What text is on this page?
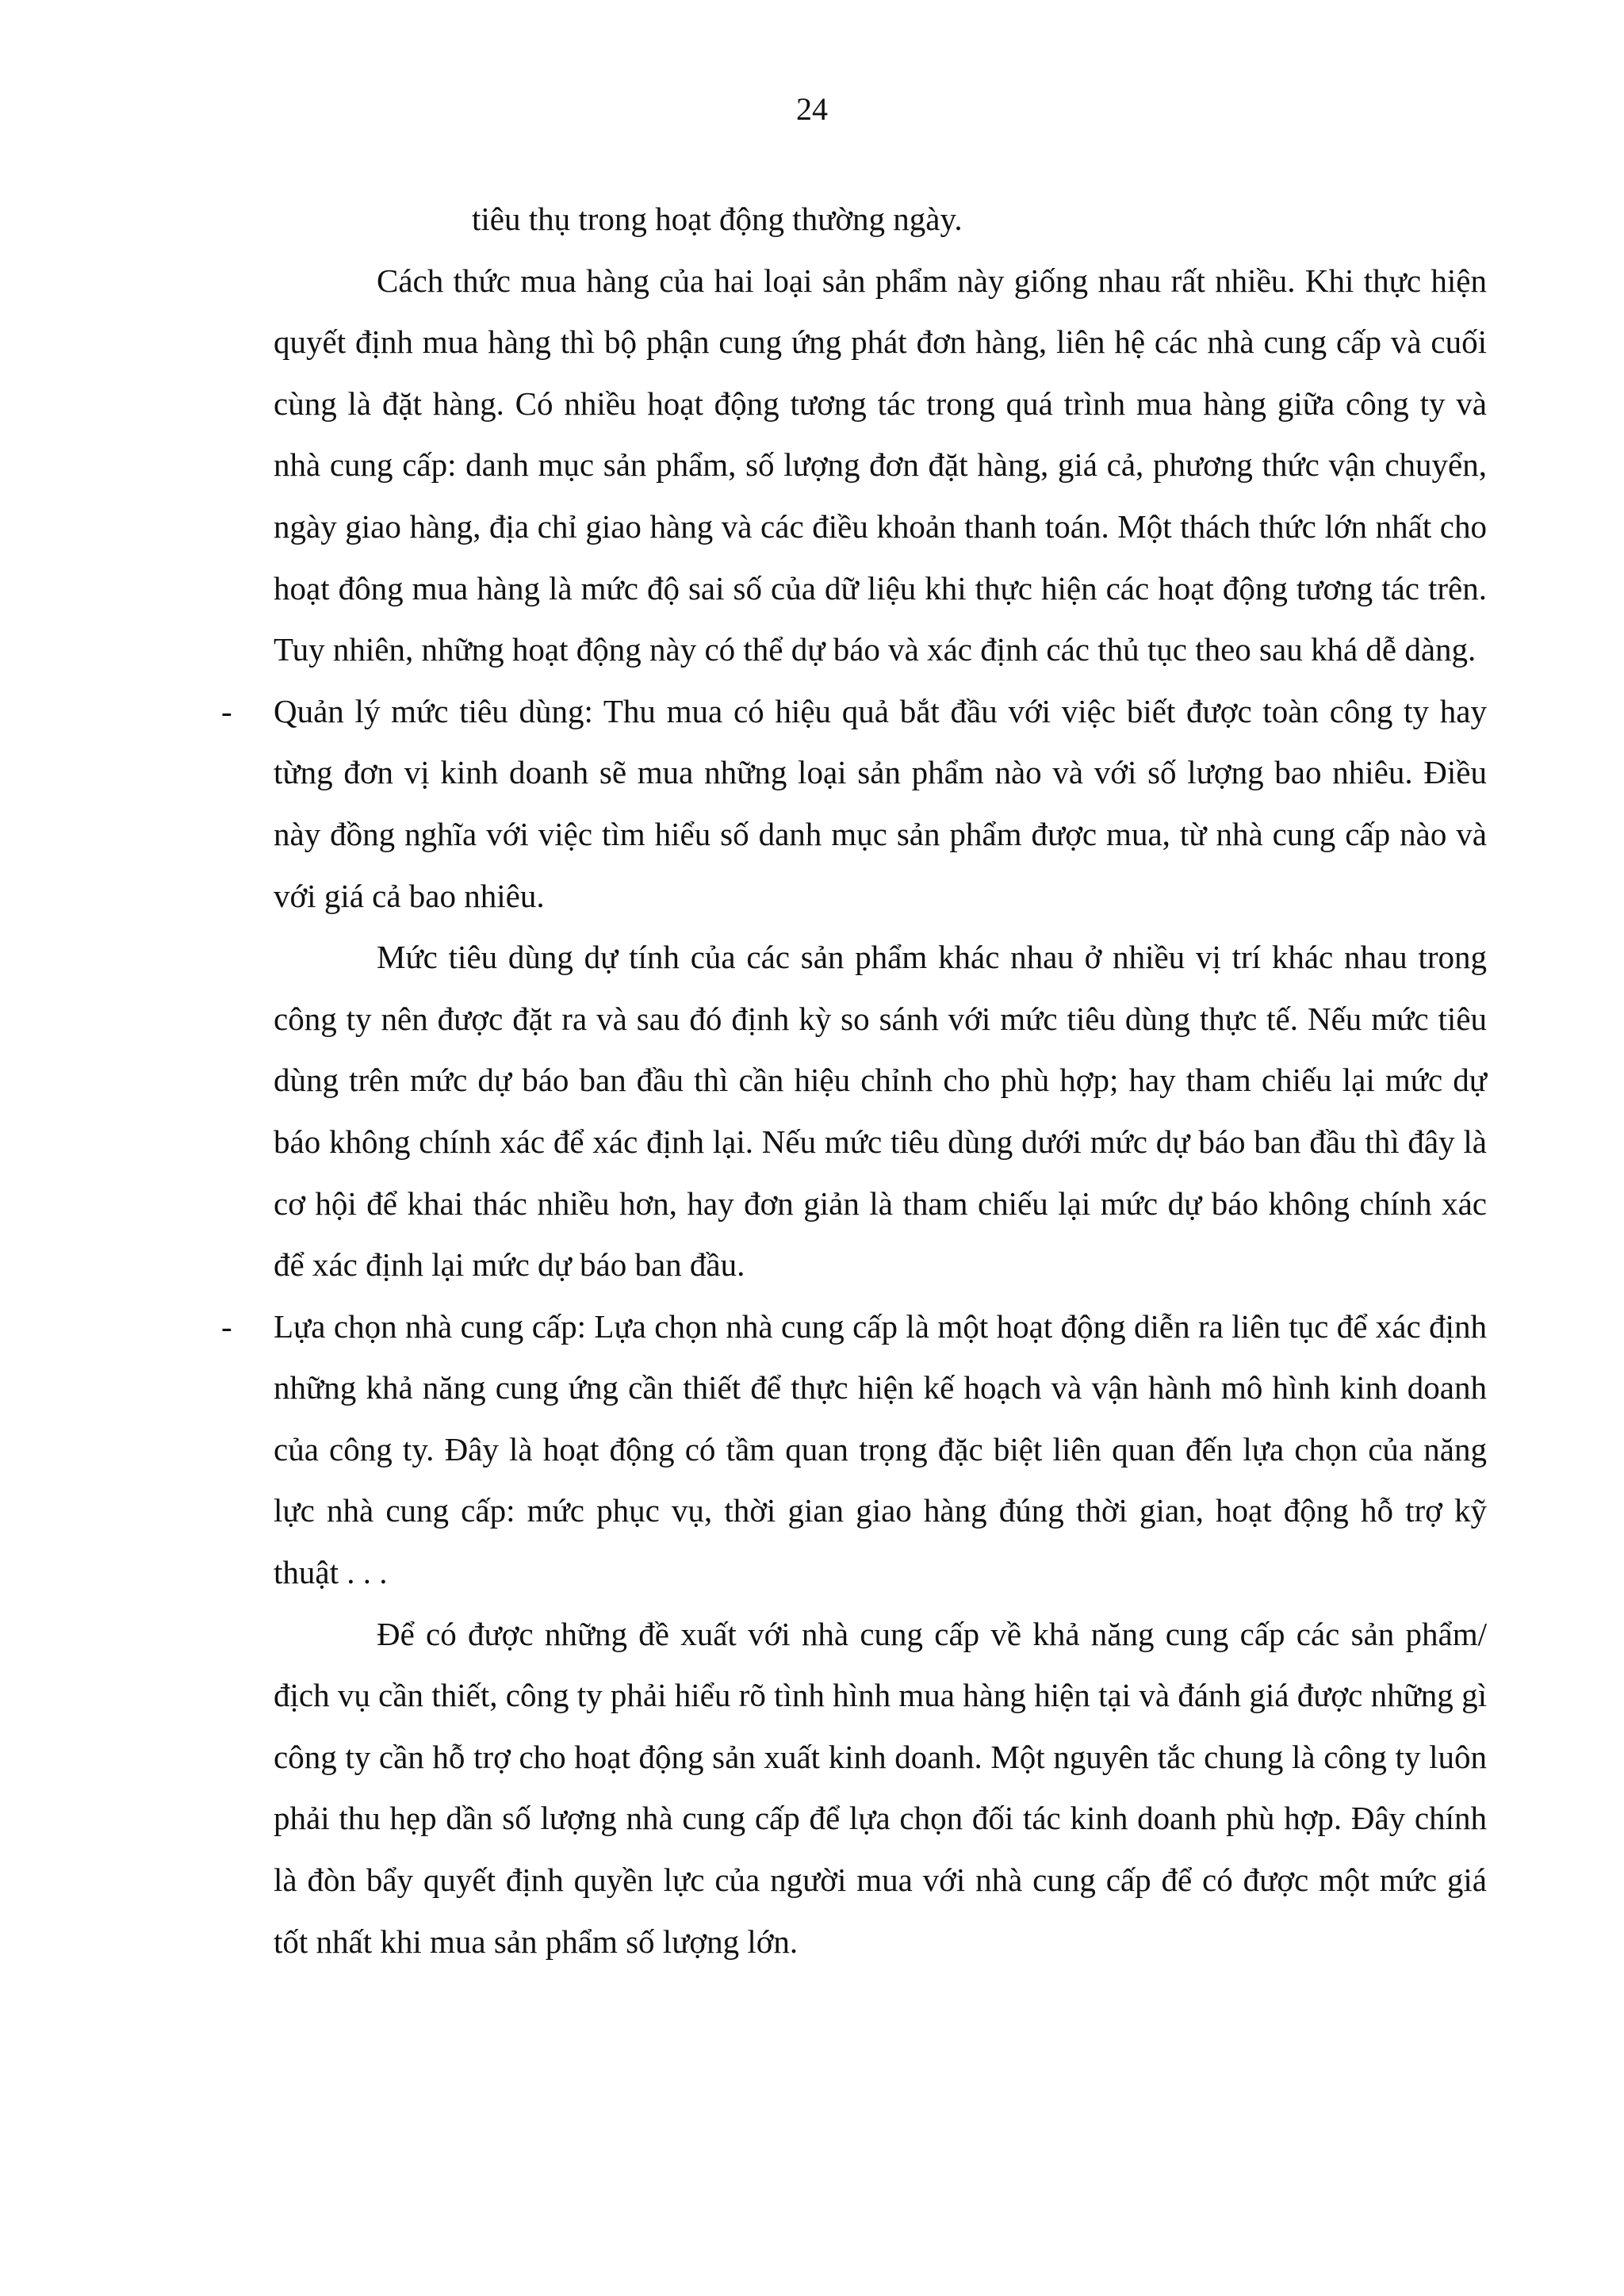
24

tiêu thụ trong hoạt động thường ngày.

Cách thức mua hàng của hai loại sản phẩm này giống nhau rất nhiều. Khi thực hiện quyết định mua hàng thì bộ phận cung ứng phát đơn hàng, liên hệ các nhà cung cấp và cuối cùng là đặt hàng. Có nhiều hoạt động tương tác trong quá trình mua hàng giữa công ty và nhà cung cấp: danh mục sản phẩm, số lượng đơn đặt hàng, giá cả, phương thức vận chuyển, ngày giao hàng, địa chỉ giao hàng và các điều khoản thanh toán. Một thách thức lớn nhất cho hoạt đông mua hàng là mức độ sai số của dữ liệu khi thực hiện các hoạt động tương tác trên. Tuy nhiên, những hoạt động này có thể dự báo và xác định các thủ tục theo sau khá dễ dàng.

- Quản lý mức tiêu dùng: Thu mua có hiệu quả bắt đầu với việc biết được toàn công ty hay từng đơn vị kinh doanh sẽ mua những loại sản phẩm nào và với số lượng bao nhiêu. Điều này đồng nghĩa với việc tìm hiểu số danh mục sản phẩm được mua, từ nhà cung cấp nào và với giá cả bao nhiêu.

Mức tiêu dùng dự tính của các sản phẩm khác nhau ở nhiều vị trí khác nhau trong công ty nên được đặt ra và sau đó định kỳ so sánh với mức tiêu dùng thực tế. Nếu mức tiêu dùng trên mức dự báo ban đầu thì cần hiệu chỉnh cho phù hợp; hay tham chiếu lại mức dự báo không chính xác để xác định lại. Nếu mức tiêu dùng dưới mức dự báo ban đầu thì đây là cơ hội để khai thác nhiều hơn, hay đơn giản là tham chiếu lại mức dự báo không chính xác để xác định lại mức dự báo ban đầu.

- Lựa chọn nhà cung cấp: Lựa chọn nhà cung cấp là một hoạt động diễn ra liên tục để xác định những khả năng cung ứng cần thiết để thực hiện kế hoạch và vận hành mô hình kinh doanh của công ty. Đây là hoạt động có tầm quan trọng đặc biệt liên quan đến lựa chọn của năng lực nhà cung cấp: mức phục vụ, thời gian giao hàng đúng thời gian, hoạt động hỗ trợ kỹ thuật . . .

Để có được những đề xuất với nhà cung cấp về khả năng cung cấp các sản phẩm/địch vụ cần thiết, công ty phải hiểu rõ tình hình mua hàng hiện tại và đánh giá được những gì công ty cần hỗ trợ cho hoạt động sản xuất kinh doanh. Một nguyên tắc chung là công ty luôn phải thu hẹp dần số lượng nhà cung cấp để lựa chọn đối tác kinh doanh phù hợp. Đây chính là đòn bẩy quyết định quyền lực của người mua với nhà cung cấp để có được một mức giá tốt nhất khi mua sản phẩm số lượng lớn.
